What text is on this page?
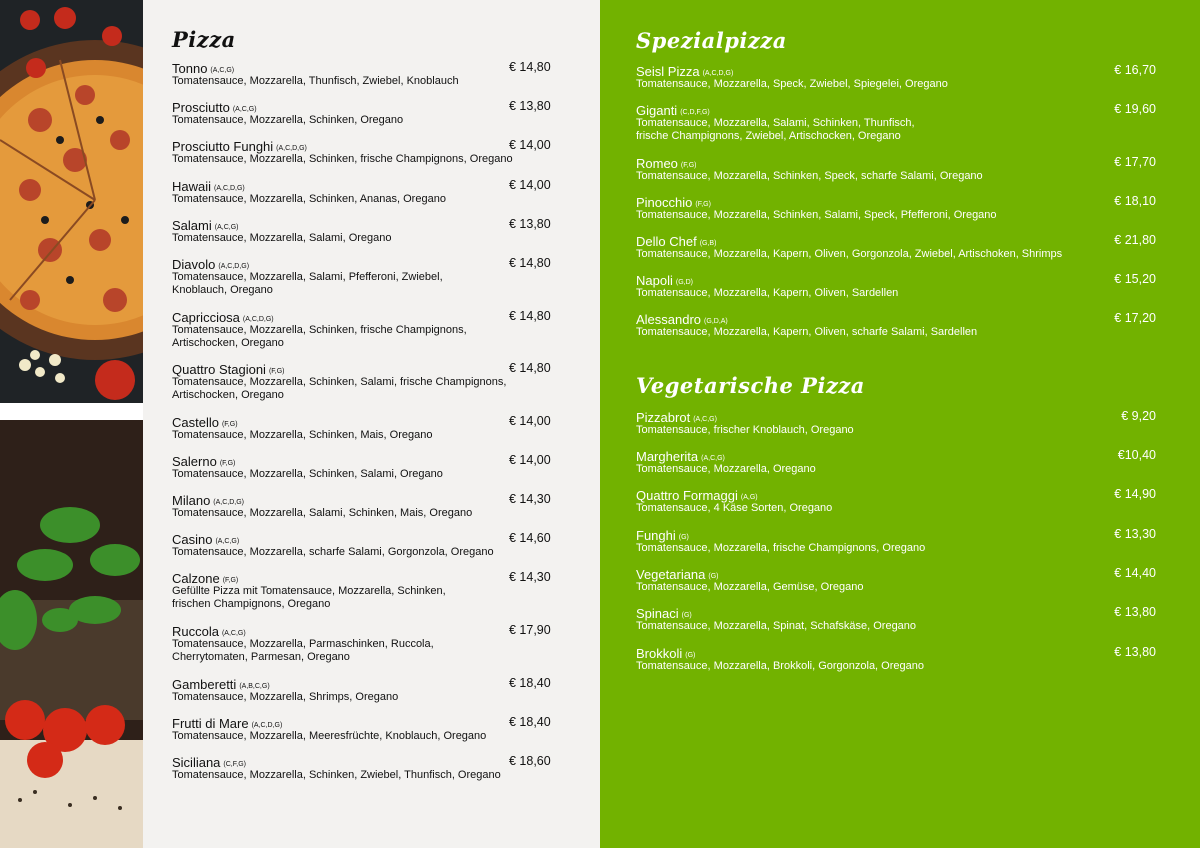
Pizza
Tonno (A,C,G)	€ 14,80
Tomatensauce, Mozzarella, Thunfisch, Zwiebel, Knoblauch
Prosciutto (A,C,G)	€ 13,80
Tomatensauce, Mozzarella, Schinken, Oregano
Prosciutto Funghi (A,C,D,G)	€ 14,00
Tomatensauce, Mozzarella, Schinken, frische Champignons, Oregano
Hawaii (A,C,D,G)	€ 14,00
Tomatensauce, Mozzarella, Schinken, Ananas, Oregano
Salami (A,C,G)	€ 13,80
Tomatensauce, Mozzarella, Salami, Oregano
Diavolo (A,C,D,G)	€ 14,80
Tomatensauce, Mozzarella, Salami, Pfefferoni, Zwiebel,
Knoblauch, Oregano
Capricciosa (A,C,D,G)	€ 14,80
Tomatensauce, Mozzarella, Schinken, frische Champignons,
Artischocken, Oregano
Quattro Stagioni (F,G)	€ 14,80
Tomatensauce, Mozzarella, Schinken, Salami, frische Champignons,
Artischocken, Oregano
Castello (F,G)	€ 14,00
Tomatensauce, Mozzarella, Schinken, Mais, Oregano
Salerno (F,G)	€ 14,00
Tomatensauce, Mozzarella, Schinken, Salami, Oregano
Milano (A,C,D,G)	€ 14,30
Tomatensauce, Mozzarella, Salami, Schinken, Mais, Oregano
Casino (A,C,G)	€ 14,60
Tomatensauce, Mozzarella, scharfe Salami, Gorgonzola, Oregano
Calzone (F,G)	€ 14,30
Gefüllte Pizza mit Tomatensauce, Mozzarella, Schinken,
frischen Champignons, Oregano
Ruccola (A,C,G)	€ 17,90
Tomatensauce, Mozzarella, Parmaschinken, Ruccola,
Cherrytomaten, Parmesan, Oregano
Gamberetti (A,B,C,G)	€ 18,40
Tomatensauce, Mozzarella, Shrimps, Oregano
Frutti di Mare (A,C,D,G)	€ 18,40
Tomatensauce, Mozzarella, Meeresfrüchte, Knoblauch, Oregano
Siciliana (C,F,G)	€ 18,60
Tomatensauce, Mozzarella, Schinken, Zwiebel, Thunfisch, Oregano
Spezialpizza
Seisl Pizza (A,C,D,G)	€ 16,70
Tomatensauce, Mozzarella, Speck, Zwiebel, Spiegelei, Oregano
Giganti (C,D,F,G)	€ 19,60
Tomatensauce, Mozzarella, Salami, Schinken, Thunfisch,
frische Champignons, Zwiebel, Artischocken, Oregano
Romeo (F,G)	€ 17,70
Tomatensauce, Mozzarella, Schinken, Speck, scharfe Salami, Oregano
Pinocchio (F,G)	€ 18,10
Tomatensauce, Mozzarella, Schinken, Salami, Speck, Pfefferoni, Oregano
Dello Chef (G,B)	€ 21,80
Tomatensauce, Mozzarella, Kapern, Oliven, Gorgonzola, Zwiebel, Artischoken, Shrimps
Napoli (G,D)	€ 15,20
Tomatensauce, Mozzarella, Kapern, Oliven, Sardellen
Alessandro (G,D,A)	€ 17,20
Tomatensauce, Mozzarella, Kapern, Oliven, scharfe Salami, Sardellen
Vegetarische Pizza
Pizzabrot (A,C,G)	€ 9,20
Tomatensauce, frischer Knoblauch, Oregano
Margherita (A,C,G)	€10,40
Tomatensauce, Mozzarella, Oregano
Quattro Formaggi (A,G)	€ 14,90
Tomatensauce, 4 Käse Sorten, Oregano
Funghi (G)	€ 13,30
Tomatensauce, Mozzarella, frische Champignons, Oregano
Vegetariana (G)	€ 14,40
Tomatensauce, Mozzarella, Gemüse, Oregano
Spinaci (G)	€ 13,80
Tomatensauce, Mozzarella, Spinat, Schafskäse, Oregano
Brokkoli (G)	€ 13,80
Tomatensauce, Mozzarella, Brokkoli, Gorgonzola, Oregano
